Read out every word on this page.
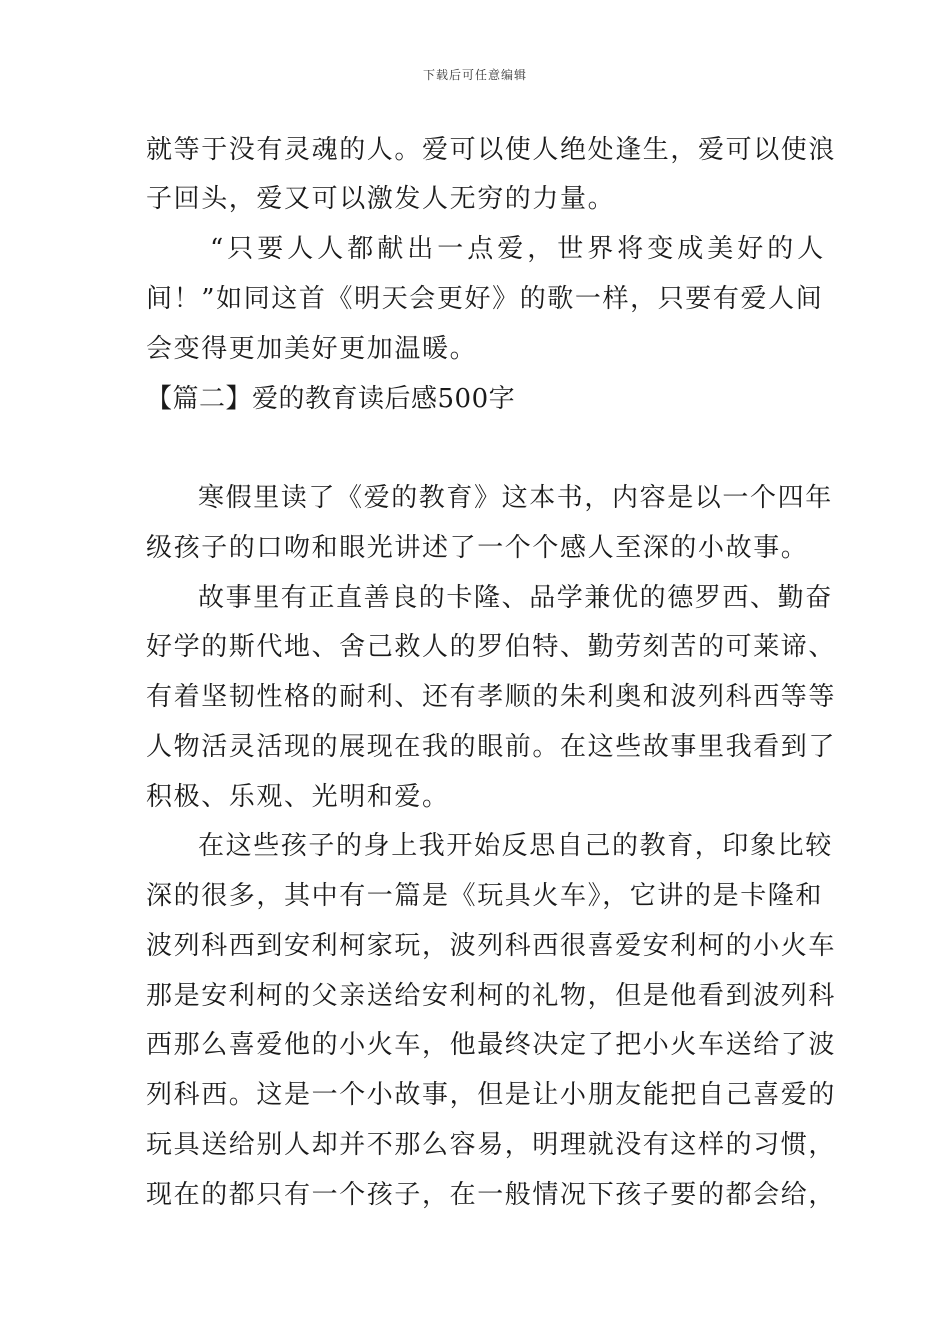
下载后可任意编辑
就等于没有灵魂的人。爱可以使人绝处逢生，爱可以使浪
子回头，爱又可以激发人无穷的力量。
“只要人人都献出一点爱，世界将变成美好的人
间！”如同这首《明天会更好》的歌一样，只要有爱人间
会变得更加美好更加温暖。
【篇二】爱的教育读后感500字
寒假里读了《爱的教育》这本书，内容是以一个四年
级孩子的口吻和眼光讲述了一个个感人至深的小故事。
故事里有正直善良的卡隆、品学兼优的德罗西、勤奋
好学的斯代地、舍己救人的罗伯特、勤劳刻苦的可莱谛、
有着坚韧性格的耐利、还有孝顺的朱利奥和波列科西等等
人物活灵活现的展现在我的眼前。在这些故事里我看到了
积极、乐观、光明和爱。
在这些孩子的身上我开始反思自己的教育，印象比较
深的很多，其中有一篇是《玩具火车》，它讲的是卡隆和
波列科西到安利柯家玩，波列科西很喜爱安利柯的小火车
那是安利柯的父亲送给安利柯的礼物，但是他看到波列科
西那么喜爱他的小火车，他最终决定了把小火车送给了波
列科西。这是一个小故事，但是让小朋友能把自己喜爱的
玩具送给别人却并不那么容易，明理就没有这样的习惯，
现在的都只有一个孩子，在一般情况下孩子要的都会给，
